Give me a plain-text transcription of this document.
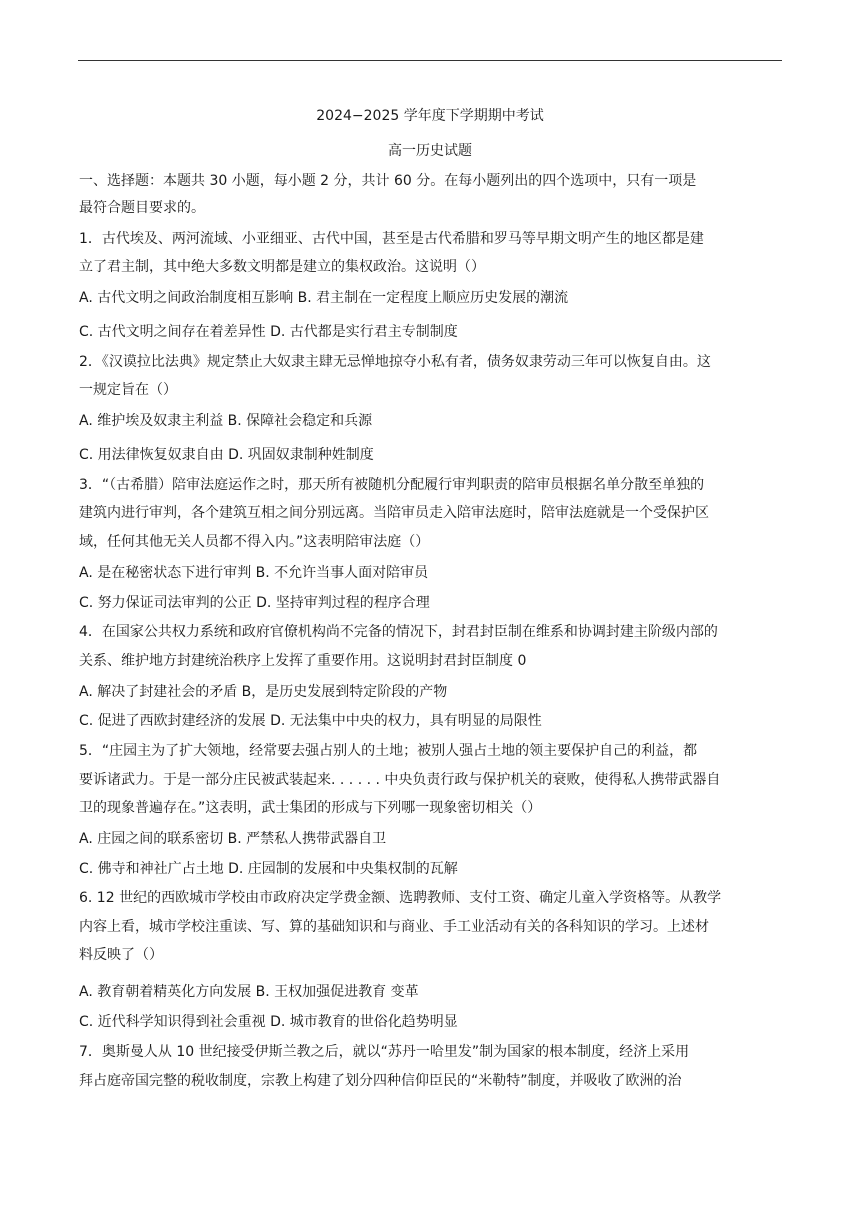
2024−2025 学年度下学期期中考试
高一历史试题
一、选择题：本题共 30 小题，每小题 2 分，共计 60 分。在每小题列出的四个选项中，只有一项是
最符合题目要求的。
1．古代埃及、两河流域、小亚细亚、古代中国，甚至是古代希腊和罗马等早期文明产生的地区都是建
立了君主制，其中绝大多数文明都是建立的集权政治。这说明（）
A. 古代文明之间政治制度相互影响 B. 君主制在一定程度上顺应历史发展的潮流
C. 古代文明之间存在着差异性 D. 古代都是实行君主专制制度
2．《汉谟拉比法典》规定禁止大奴隶主肆无忌惮地掠夺小私有者，债务奴隶劳动三年可以恢复自由。这
一规定旨在（）
A. 维护埃及奴隶主利益 B. 保障社会稳定和兵源
C. 用法律恢复奴隶自由 D. 巩固奴隶制种姓制度
3．“（古希腊）陪审法庭运作之时，那天所有被随机分配履行审判职责的陪审员根据名单分散至单独的
建筑内进行审判，各个建筑互相之间分别远离。当陪审员走入陪审法庭时，陪审法庭就是一个受保护区
域，任何其他无关人员都不得入内。”这表明陪审法庭（）
A. 是在秘密状态下进行审判 B. 不允许当事人面对陪审员
C. 努力保证司法审判的公正 D. 坚持审判过程的程序合理
4．在国家公共权力系统和政府官僚机构尚不完备的情况下，封君封臣制在维系和协调封建主阶级内部的
关系、维护地方封建统治秩序上发挥了重要作用。这说明封君封臣制度 0
A. 解决了封建社会的矛盾 B，是历史发展到特定阶段的产物
C. 促进了西欧封建经济的发展 D. 无法集中中央的权力，具有明显的局限性
5．“庄园主为了扩大领地，经常要去强占别人的土地；被别人强占土地的领主要保护自己的利益，都
要诉诸武力。于是一部分庄民被武装起来. . . . . . 中央负责行政与保护机关的衰败，使得私人携带武器自
卫的现象普遍存在。”这表明，武士集团的形成与下列哪一现象密切相关（）
A. 庄园之间的联系密切 B. 严禁私人携带武器自卫
C. 佛寺和神社广占土地 D. 庄园制的发展和中央集权制的瓦解
6. 12 世纪的西欧城市学校由市政府决定学费金额、选聘教师、支付工资、确定儿童入学资格等。从教学
内容上看，城市学校注重读、写、算的基础知识和与商业、手工业活动有关的各科知识的学习。上述材
料反映了（）
A. 教育朝着精英化方向发展 B. 王权加强促进教育 变革
C. 近代科学知识得到社会重视 D. 城市教育的世俗化趋势明显
7．奥斯曼人从 10 世纪接受伊斯兰教之后，就以“苏丹一哈里发”制为国家的根本制度，经济上采用
拜占庭帝国完整的税收制度，宗教上构建了划分四种信仰臣民的“米勒特”制度，并吸收了欧洲的治
